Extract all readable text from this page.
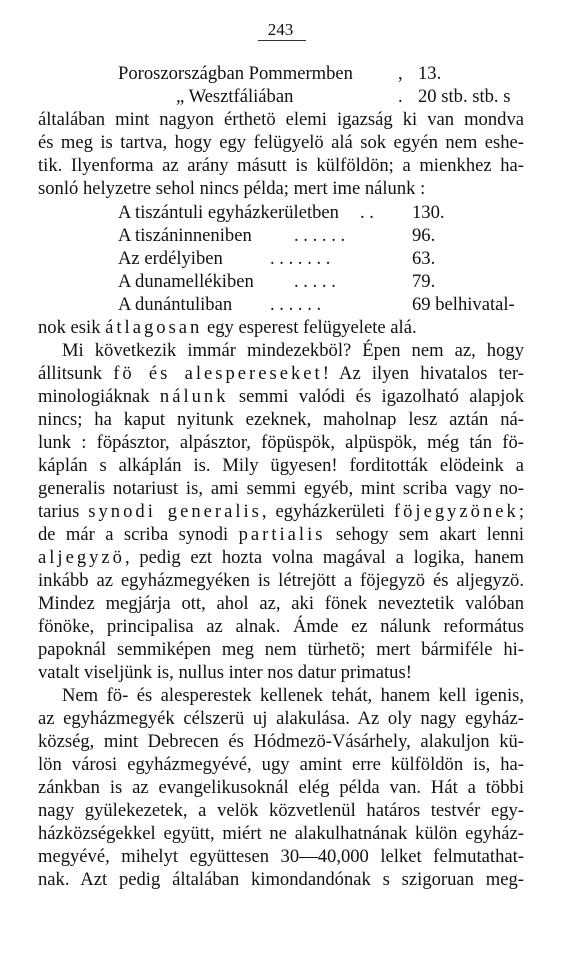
243
Poroszországban Pommermben , 13.
„ Wesztfáliában	. 20 stb. stb. s
általában mint nagyon érthetö elemi igazság ki van mondva
és meg is tartva, hogy egy felügyelö alá sok egyén nem eshe-
tik. Ilyenforma az arány másutt is külföldön; a mienkhez ha-
sonló helyzetre sehol nincs példa; mert ime nálunk :
A tiszántuli egyházkerületben . . 130.
A tiszáninneniben . . . . . .	96.
Az erdélyiben	. . . . . . .	63.
A dunamellékiben . . . . .	79.
A dunántuliban . . . . . .	69 belhivatal-
nok esik átlagosan egy esperest felügyelete alá.
Mi következik immár mindezekböl? Épen nem az, hogy
állitsunk fö és alespereseket! Az ilyen hivatalos ter-
minologiáknak nálunk semmi valódi és igazolható alapjok
nincs; ha kaput nyitunk ezeknek, maholnap lesz aztán ná-
lunk : föpásztor, alpásztor, föpüspök, alpüspök, még tán fö-
káplán s alkáplán is. Mily ügyesen! forditották elödeink a
generalis notariust is, ami semmi egyéb, mint scriba vagy no-
tarius synodi generalis, egyházkerületi föjegyzönek;
de már a scriba synodi partialis sehogy sem akart lenni
aljegyzö, pedig ezt hozta volna magával a logika, hanem
inkább az egyházmegyéken is létrejött a föjegyzö és aljegyzö.
Mindez megjárja ott, ahol az, aki fönek neveztetik valóban
fönöke, principalisa az alnak. Ámde ez nálunk református
papoknál semmiképen meg nem türhetö; mert bármiféle hi-
vatalt viseljünk is, nullus inter nos datur primatus!
Nem fö- és alesperestek kellenek tehát, hanem kell igenis,
az egyházmegyék célszerü uj alakulása. Az oly nagy egyház-
község, mint Debrecen és Hódmezö-Vásárhely, alakuljon kü-
lön városi egyházmegyévé, ugy amint erre külföldön is, ha-
zánkban is az evangelikusoknál elég példa van. Hát a többi
nagy gyülekezetek, a velök közvetlenül határos testvér egy-
házközségekkel együtt, miért ne alakulhatnának külön egyház-
megyévé, mihelyt együttesen 30—40,000 lelket felmutathat-
nak. Azt pedig általában kimondandónak s szigoruan meg-
